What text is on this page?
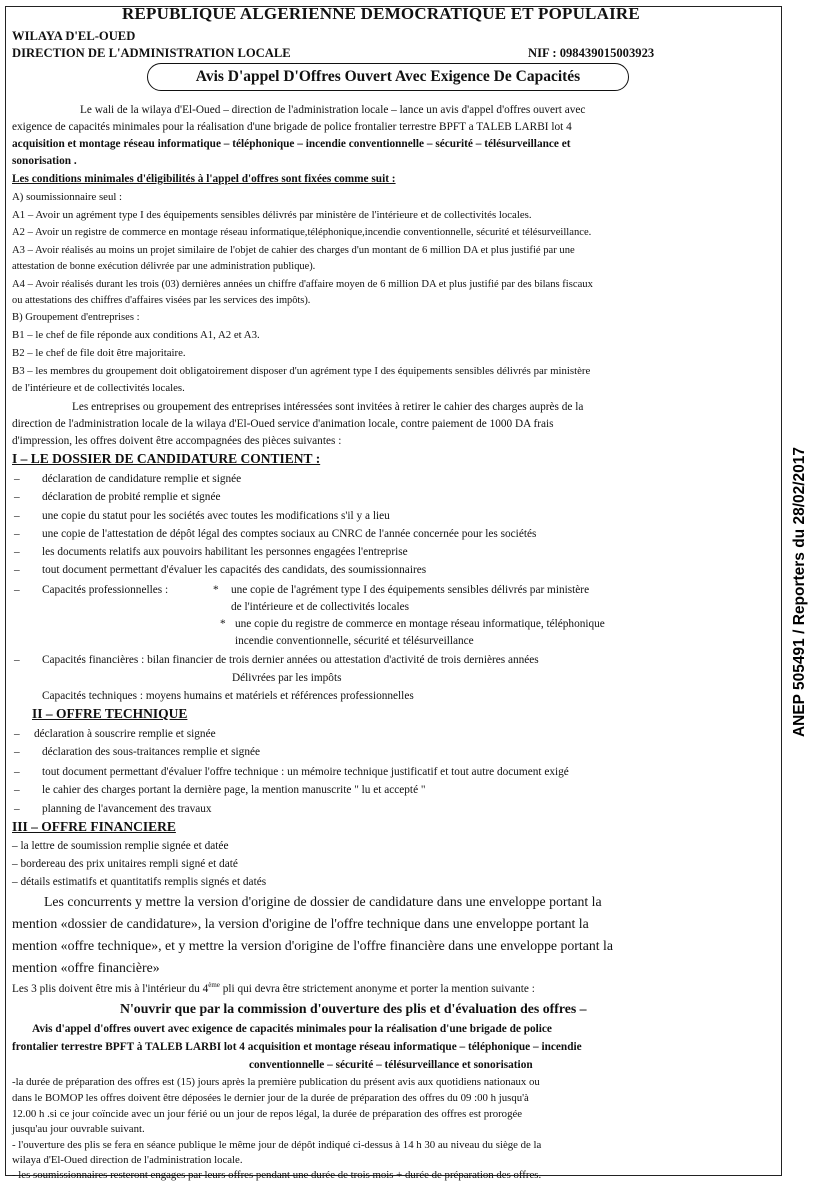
REPUBLIQUE ALGERIENNE DEMOCRATIQUE ET POPULAIRE
WILAYA D'EL-OUED
DIRECTION DE L'ADMINISTRATION LOCALE	NIF : 098439015003923
Avis D'appel D'Offres Ouvert Avec Exigence De Capacités
Le wali de la wilaya d'El-Oued – direction de l'administration locale – lance un avis d'appel d'offres ouvert avec
exigence de capacités minimales pour la réalisation d'une brigade de police frontalier terrestre BPFT a TALEB LARBI lot 4
acquisition et montage réseau informatique – téléphonique – incendie conventionnelle – sécurité – télésurveillance et
sonorisation .
Les conditions minimales d'éligibilités à l'appel d'offres sont fixées comme suit :
A) soumissionnaire seul :
A1 – Avoir un agrément type I des équipements sensibles délivrés par ministère de l'intérieure et de collectivités locales.
A2 – Avoir un registre de commerce en montage réseau informatique,téléphonique,incendie conventionnelle, sécurité et télésurveillance.
A3 – Avoir réalisés au moins un projet similaire de l'objet de cahier des charges d'un montant de 6 million DA et plus justifié par une
attestation de bonne exécution délivrée par une administration publique).
A4 – Avoir réalisés durant les trois (03) dernières années un chiffre d'affaire moyen de 6 million DA et plus justifié par des bilans fiscaux
ou attestations des chiffres d'affaires visées par les services des impôts).
B) Groupement d'entreprises :
B1 – le chef de file réponde aux conditions A1, A2 et A3.
B2 – le chef de file doit être majoritaire.
B3 – les membres du groupement doit obligatoirement disposer d'un agrément type I des équipements sensibles délivrés par ministère
de l'intérieure et de collectivités locales.
Les entreprises ou groupement des entreprises intéressées sont invitées à retirer le cahier des charges auprès de la
direction de l'administration locale de la wilaya d'El-Oued service d'animation locale, contre paiement de 1000 DA frais
d'impression, les offres doivent être accompagnées des pièces suivantes :
I – LE DOSSIER DE CANDIDATURE CONTIENT :
– déclaration de candidature remplie et signée
– déclaration de probité remplie et signée
– une copie du statut pour les sociétés avec toutes les modifications s'il y a lieu
– une copie de l'attestation de dépôt légal des comptes sociaux au CNRC de l'année concernée pour les sociétés
– les documents relatifs aux pouvoirs habilitant les personnes engagées l'entreprise
– tout document permettant d'évaluer les capacités des candidats, des soumissionnaires
– Capacités professionnelles :	* une copie de l'agrément type I des équipements sensibles délivrés par ministère
de l'intérieure et de collectivités locales
* une copie du registre de commerce en montage réseau informatique, téléphonique
incendie conventionnelle, sécurité et télésurveillance
– Capacités financières : bilan financier de trois dernier années ou attestation d'activité de trois dernières années
Délivrées par les impôts
Capacités techniques : moyens humains et matériels et références professionnelles
II – OFFRE TECHNIQUE
– déclaration à souscrire remplie et signée
– déclaration des sous-traitances remplie et signée
– tout document permettant d'évaluer l'offre technique : un mémoire technique justificatif et tout autre document exigé
– le cahier des charges portant la dernière page, la mention manuscrite " lu et accepté "
– planning de l'avancement des travaux
III – OFFRE FINANCIERE
– la lettre de soumission remplie signée et datée
– bordereau des prix unitaires rempli signé et daté
– détails estimatifs et quantitatifs remplis signés et datés
Les concurrents y mettre la version d'origine de dossier de candidature dans une enveloppe portant la
mention «dossier de candidature», la version d'origine de l'offre technique dans une enveloppe portant la
mention «offre technique», et y mettre la version d'origine de l'offre financière dans une enveloppe portant la
mention «offre financière»
Les 3 plis doivent être mis à l'intérieur du 4ème pli qui devra être strictement anonyme et porter la mention suivante :
N'ouvrir que par la commission d'ouverture des plis et d'évaluation des offres –
Avis d'appel d'offres ouvert avec exigence de capacités minimales pour la réalisation d'une brigade de police
frontalier terrestre BPFT à TALEB LARBI lot 4 acquisition et montage réseau informatique – téléphonique – incendie
conventionnelle – sécurité – télésurveillance et sonorisation
-la durée de préparation des offres est (15) jours après la première publication du présent avis aux quotidiens nationaux ou
dans le BOMOP les offres doivent être déposées le dernier jour de la durée de préparation des offres du 09 :00 h jusqu'à
12.00 h .si ce jour coïncide avec un jour férié ou un jour de repos légal, la durée de préparation des offres est prorogée
jusqu'au jour ouvrable suivant.
- l'ouverture des plis se fera en séance publique le même jour de dépôt indiqué ci-dessus à 14 h 30 au niveau du siège de la
wilaya d'El-Oued direction de l'administration locale.
- les soumissionnaires resteront engages par leurs offres pendant une durée de trois mois + durée de préparation des offres.
ANEP 505491 / Reporters du 28/02/2017
